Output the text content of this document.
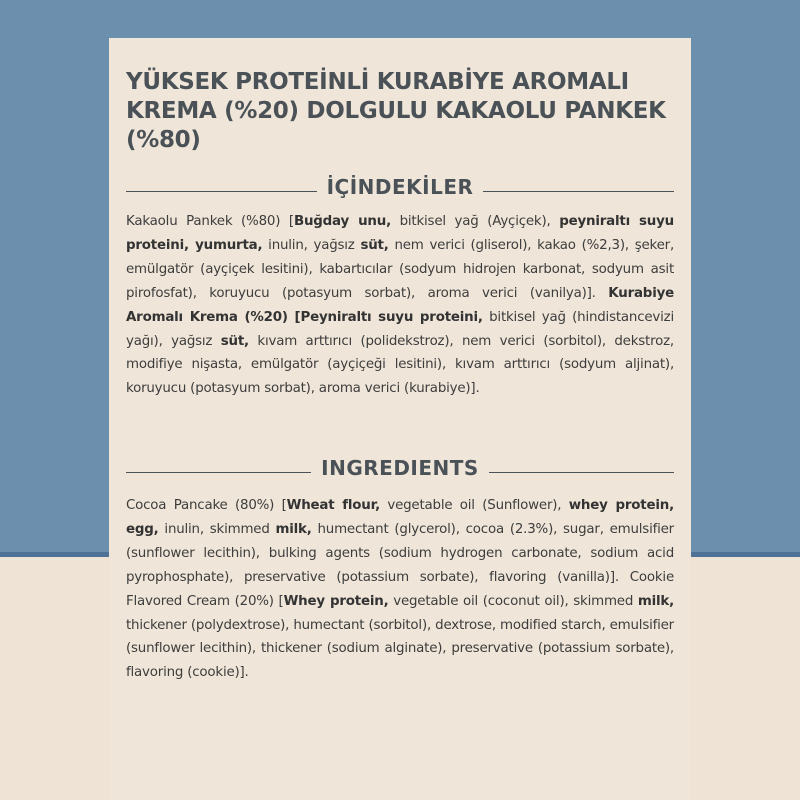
YÜKSEK PROTEİNLİ KURABİYE AROMALI KREMA (%20) DOLGULU KAKAOLU PANKEK (%80)
İÇİNDEKİLER

Kakaolu Pankek (%80) [Buğday unu, bitkisel yağ (Ayçiçek), peyniraltı suyu proteini, yumurta, inulin, yağsız süt, nem verici (gliserol), kakao (%2,3), şeker, emülgatör (ayçiçek lesitini), kabartıcılar (sodyum hidrojen karbonat, sodyum asit pirofosfat), koruyucu (potasyum sorbat), aroma verici (vanilya)]. Kurabiye Aromalı Krema (%20) [Peyniraltı suyu proteini, bitkisel yağ (hindistancevizi yağı), yağsız süt, kıvam arttırıcı (polidekstroz), nem verici (sorbitol), dekstroz, modifiye nişasta, emülgatör (ayçiçeği lesitini), kıvam arttırıcı (sodyum aljinat), koruyucu (potasyum sorbat), aroma verici (kurabiye)].

INGREDIENTS

Cocoa Pancake (80%) [Wheat flour, vegetable oil (Sunflower), whey protein, egg, inulin, skimmed milk, humectant (glycerol), cocoa (2.3%), sugar, emulsifier (sunflower lecithin), bulking agents (sodium hydrogen carbonate, sodium acid pyrophosphate), preservative (potassium sorbate), flavoring (vanilla)]. Cookie Flavored Cream (20%) [Whey protein, vegetable oil (coconut oil), skimmed milk, thickener (polydextrose), humectant (sorbitol), dextrose, modified starch, emulsifier (sunflower lecithin), thickener (sodium alginate), preservative (potassium sorbate), flavoring (cookie)].
